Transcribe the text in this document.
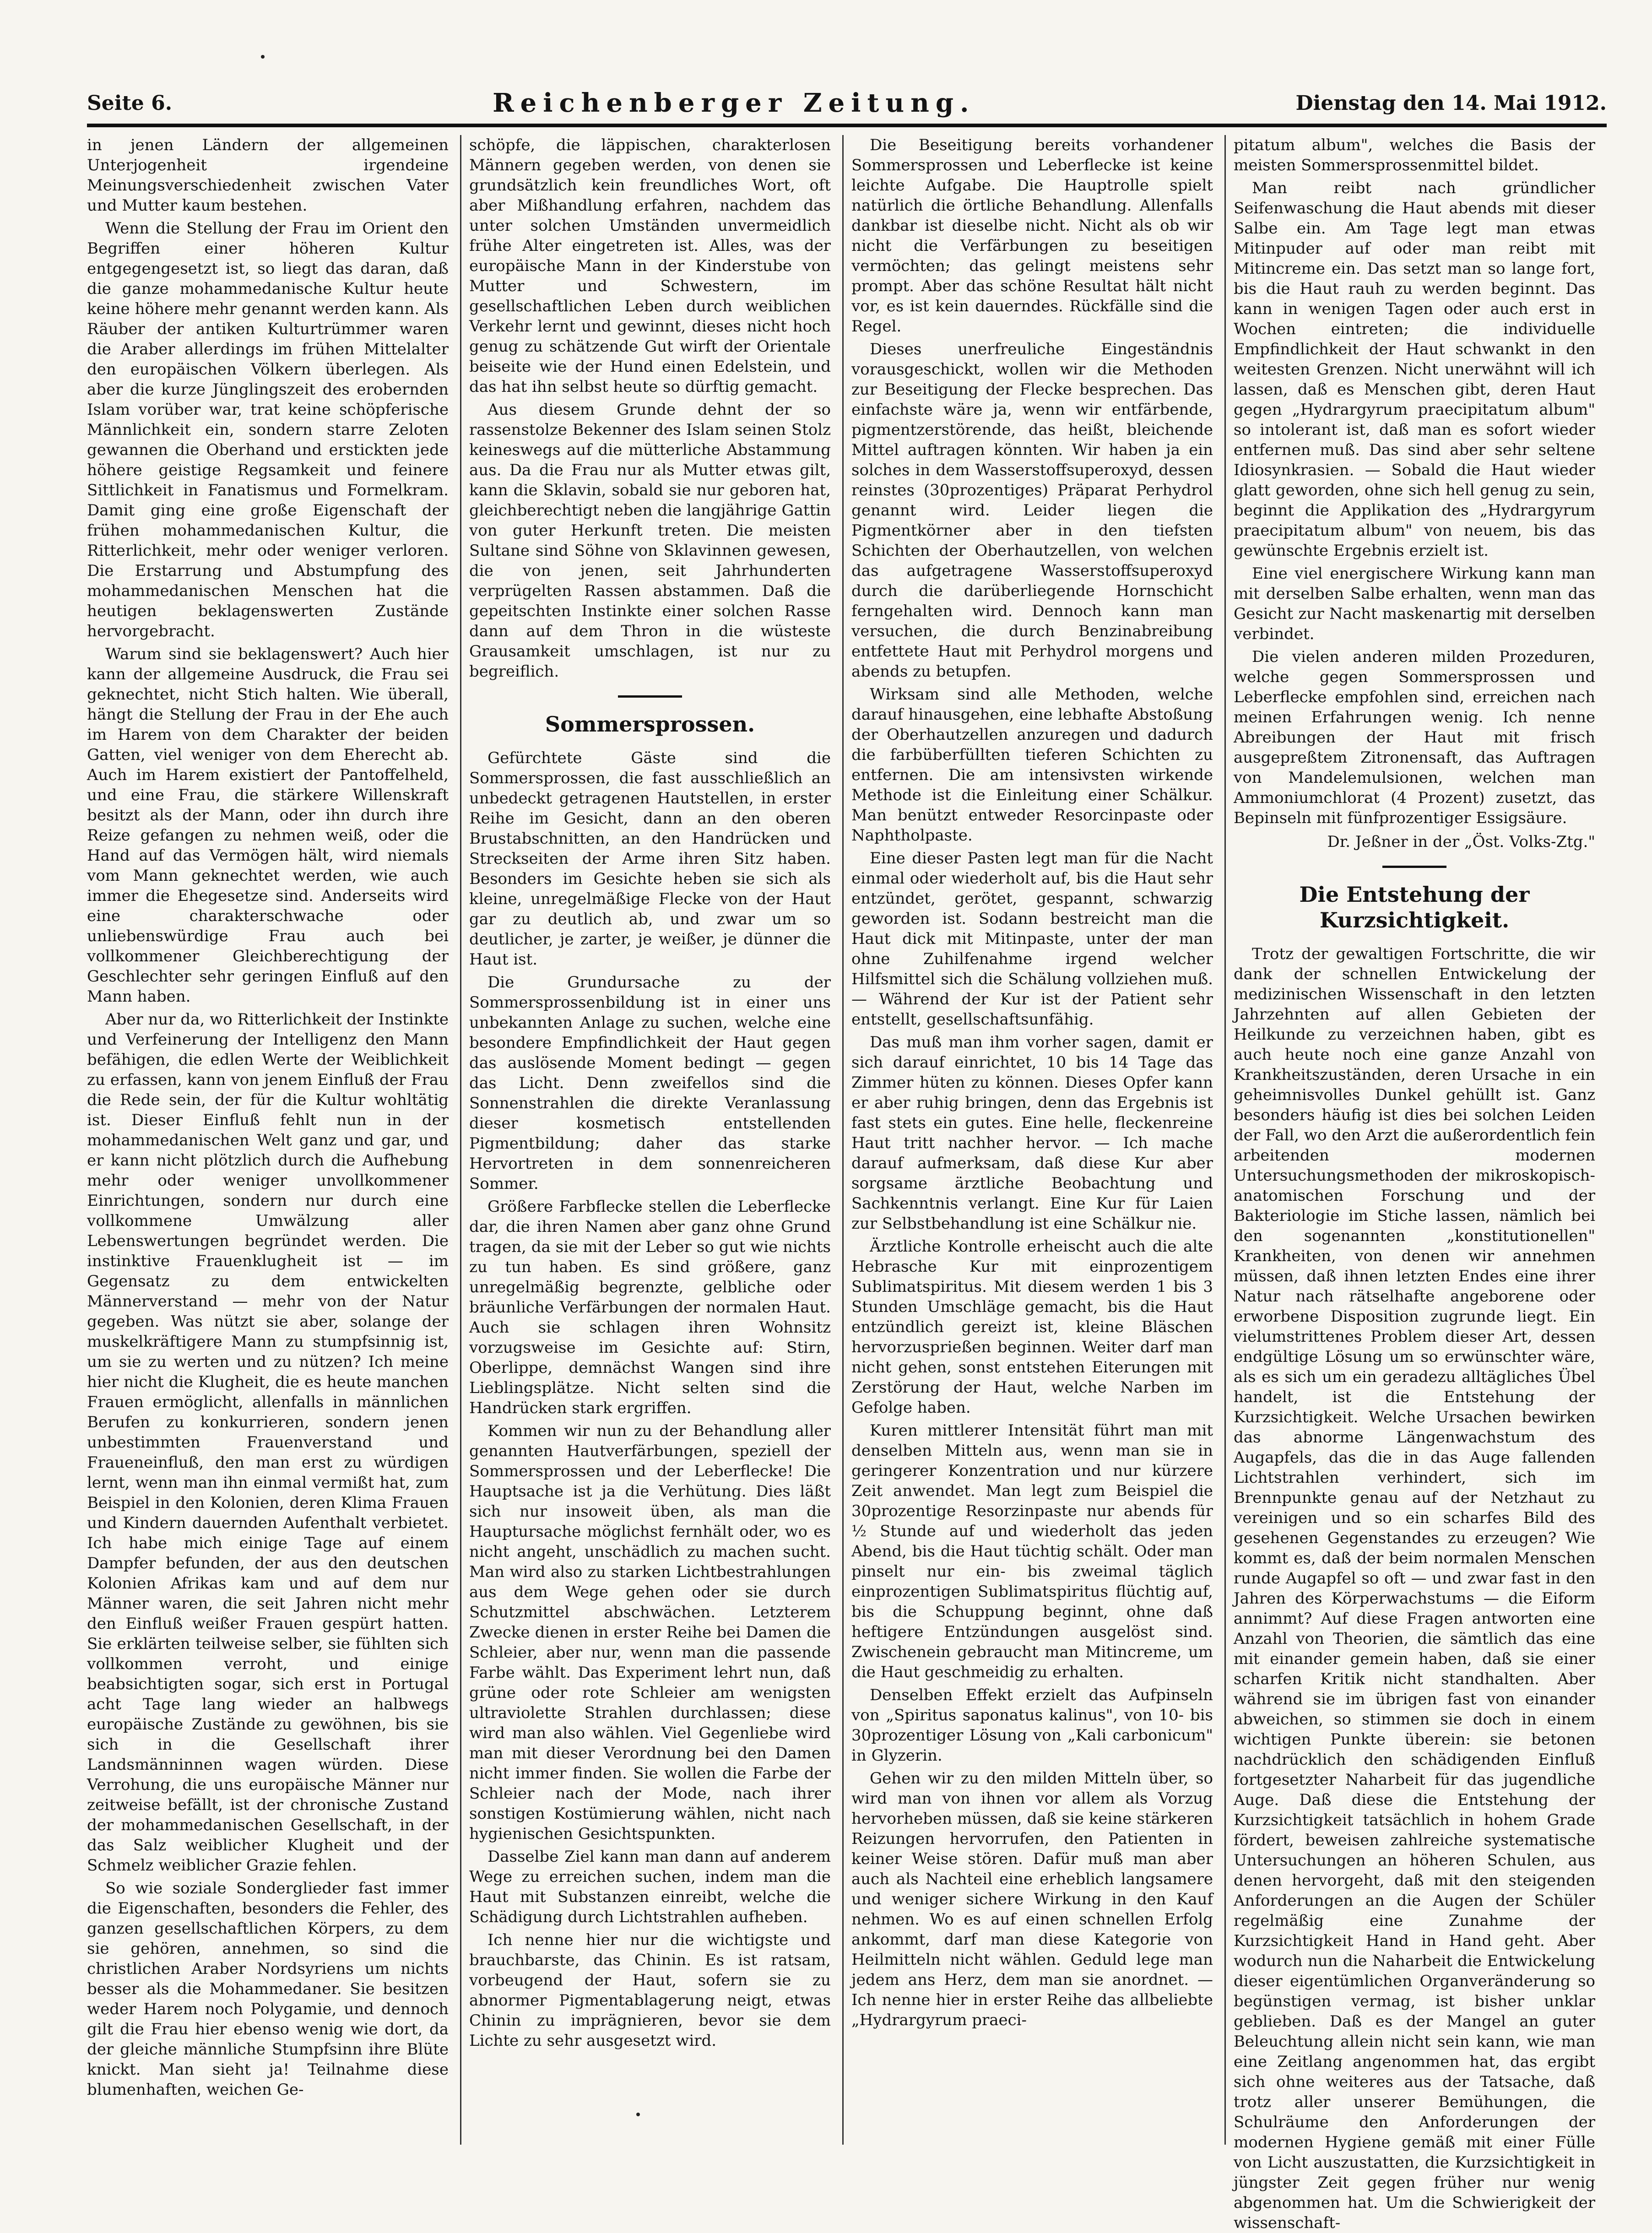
Seite 6.	Reichenberger Zeitung.	Dienstag den 14. Mai 1912.

in jenen Ländern der allgemeinen Unterjogenheit irgendeine Meinungsverschiedenheit zwischen Vater und Mutter kaum bestehen.

Wenn die Stellung der Frau im Orient den Begriffen einer höheren Kultur entgegengesetzt ist, so liegt das daran, daß die ganze mohammedanische Kultur heute keine höhere mehr genannt werden kann. Als Räuber der antiken Kulturtrümmer waren die Araber allerdings im frühen Mittelalter den europäischen Völkern überlegen. Als aber die kurze Jünglingszeit des erobernden Islam vorüber war, trat keine schöpferische Männlichkeit ein, sondern starre Zeloten gewannen die Oberhand und erstickten jede höhere geistige Regsamkeit und feinere Sittlichkeit in Fanatismus und Formelkram. Damit ging eine große Eigenschaft der frühen mohammedanischen Kultur, die Ritterlichkeit, mehr oder weniger verloren. Die Erstarrung und Abstumpfung des mohammedanischen Menschen hat die heutigen beklagenswerten Zustände hervorgebracht.

Warum sind sie beklagenswert? Auch hier kann der allgemeine Ausdruck, die Frau sei geknechtet, nicht Stich halten. Wie überall, hängt die Stellung der Frau in der Ehe auch im Harem von dem Charakter der beiden Gatten, viel weniger von dem Eherecht ab. Auch im Harem existiert der Pantoffelheld, und eine Frau, die stärkere Willenskraft besitzt als der Mann, oder ihn durch ihre Reize gefangen zu nehmen weiß, oder die Hand auf das Vermögen hält, wird niemals vom Mann geknechtet werden, wie auch immer die Ehegesetze sind. Anderseits wird eine charakterschwache oder unliebenswürdige Frau auch bei vollkommener Gleichberechtigung der Geschlechter sehr geringen Einfluß auf den Mann haben.

Aber nur da, wo Ritterlichkeit der Instinkte und Verfeinerung der Intelligenz den Mann befähigen, die edlen Werte der Weiblichkeit zu erfassen, kann von jenem Einfluß der Frau die Rede sein, der für die Kultur wohltätig ist. Dieser Einfluß fehlt nun in der mohammedanischen Welt ganz und gar, und er kann nicht plötzlich durch die Aufhebung mehr oder weniger unvollkommener Einrichtungen, sondern nur durch eine vollkommene Umwälzung aller Lebenswertungen begründet werden. Die instinktive Frauenklugheit ist — im Gegensatz zu dem entwickelten Männerverstand — mehr von der Natur gegeben. Was nützt sie aber, solange der muskelkräftigere Mann zu stumpfsinnig ist, um sie zu werten und zu nützen? Ich meine hier nicht die Klugheit, die es heute manchen Frauen ermöglicht, allenfalls in männlichen Berufen zu konkurrieren, sondern jenen unbestimmten Frauenverstand und Fraueneinfluß, den man erst zu würdigen lernt, wenn man ihn einmal vermißt hat, zum Beispiel in den Kolonien, deren Klima Frauen und Kindern dauernden Aufenthalt verbietet. Ich habe mich einige Tage auf einem Dampfer befunden, der aus den deutschen Kolonien Afrikas kam und auf dem nur Männer waren, die seit Jahren nicht mehr den Einfluß weißer Frauen gespürt hatten. Sie erklärten teilweise selber, sie fühlten sich vollkommen verroht, und einige beabsichtigten sogar, sich erst in Portugal acht Tage lang wieder an halbwegs europäische Zustände zu gewöhnen, bis sie sich in die Gesellschaft ihrer Landsmänninnen wagen würden. Diese Verrohung, die uns europäische Männer nur zeitweise befällt, ist der chronische Zustand der mohammedanischen Gesellschaft, in der das Salz weiblicher Klugheit und der Schmelz weiblicher Grazie fehlen.

So wie soziale Sonderglieder fast immer die Eigenschaften, besonders die Fehler, des ganzen gesellschaftlichen Körpers, zu dem sie gehören, annehmen, so sind die christlichen Araber Nordsyriens um nichts besser als die Mohammedaner. Sie besitzen weder Harem noch Polygamie, und dennoch gilt die Frau hier ebenso wenig wie dort, da der gleiche männliche Stumpfsinn ihre Blüte knickt. Man sieht ja! Teilnahme diese blumenhaften, weichen Ge-

schöpfe, die läppischen, charakterlosen Männern gegeben werden, von denen sie grundsätzlich kein freundliches Wort, oft aber Mißhandlung erfahren, nachdem das unter solchen Umständen unvermeidlich frühe Alter eingetreten ist. Alles, was der europäische Mann in der Kinderstube von Mutter und Schwestern, im gesellschaftlichen Leben durch weiblichen Verkehr lernt und gewinnt, dieses nicht hoch genug zu schätzende Gut wirft der Orientale beiseite wie der Hund einen Edelstein, und das hat ihn selbst heute so dürftig gemacht.

Aus diesem Grunde dehnt der so rassenstolze Bekenner des Islam seinen Stolz keineswegs auf die mütterliche Abstammung aus. Da die Frau nur als Mutter etwas gilt, kann die Sklavin, sobald sie nur geboren hat, gleichberechtigt neben die langjährige Gattin von guter Herkunft treten. Die meisten Sultane sind Söhne von Sklavinnen gewesen, die von jenen, seit Jahrhunderten verprügelten Rassen abstammen. Daß die gepeitschten Instinkte einer solchen Rasse dann auf dem Thron in die wüsteste Grausamkeit umschlagen, ist nur zu begreiflich.

Sommersprossen.

Gefürchtete Gäste sind die Sommersprossen, die fast ausschließlich an unbedeckt getragenen Hautstellen, in erster Reihe im Gesicht, dann an den oberen Brustabschnitten, an den Handrücken und Streckseiten der Arme ihren Sitz haben. Besonders im Gesichte heben sie sich als kleine, unregelmäßige Flecke von der Haut gar zu deutlich ab, und zwar um so deutlicher, je zarter, je weißer, je dünner die Haut ist.

Die Grundursache zu der Sommersprossenbildung ist in einer uns unbekannten Anlage zu suchen, welche eine besondere Empfindlichkeit der Haut gegen das auslösende Moment bedingt — gegen das Licht. Denn zweifellos sind die Sonnenstrahlen die direkte Veranlassung dieser kosmetisch entstellenden Pigmentbildung; daher das starke Hervortreten in dem sonnenreicheren Sommer.

Größere Farbflecke stellen die Leberflecke dar, die ihren Namen aber ganz ohne Grund tragen, da sie mit der Leber so gut wie nichts zu tun haben. Es sind größere, ganz unregelmäßig begrenzte, gelbliche oder bräunliche Verfärbungen der normalen Haut. Auch sie schlagen ihren Wohnsitz vorzugsweise im Gesichte auf: Stirn, Oberlippe, demnächst Wangen sind ihre Lieblingsplätze. Nicht selten sind die Handrücken stark ergriffen.

Kommen wir nun zu der Behandlung aller genannten Hautverfärbungen, speziell der Sommersprossen und der Leberflecke! Die Hauptsache ist ja die Verhütung. Dies läßt sich nur insoweit üben, als man die Hauptursache möglichst fernhält oder, wo es nicht angeht, unschädlich zu machen sucht. Man wird also zu starken Lichtbestrahlungen aus dem Wege gehen oder sie durch Schutzmittel abschwächen. Letzterem Zwecke dienen in erster Reihe bei Damen die Schleier, aber nur, wenn man die passende Farbe wählt. Das Experiment lehrt nun, daß grüne oder rote Schleier am wenigsten ultraviolette Strahlen durchlassen; diese wird man also wählen. Viel Gegenliebe wird man mit dieser Verordnung bei den Damen nicht immer finden. Sie wollen die Farbe der Schleier nach der Mode, nach ihrer sonstigen Kostümierung wählen, nicht nach hygienischen Gesichtspunkten.

Dasselbe Ziel kann man dann auf anderem Wege zu erreichen suchen, indem man die Haut mit Substanzen einreibt, welche die Schädigung durch Lichtstrahlen aufheben.

Ich nenne hier nur die wichtigste und brauchbarste, das Chinin. Es ist ratsam, vorbeugend der Haut, sofern sie zu abnormer Pigmentablagerung neigt, etwas Chinin zu imprägnieren, bevor sie dem Lichte zu sehr ausgesetzt wird.

Die Beseitigung bereits vorhandener Sommersprossen und Leberflecke ist keine leichte Aufgabe. Die Hauptrolle spielt natürlich die örtliche Behandlung. Allenfalls dankbar ist dieselbe nicht. Nicht als ob wir nicht die Verfärbungen zu beseitigen vermöchten; das gelingt meistens sehr prompt. Aber das schöne Resultat hält nicht vor, es ist kein dauerndes. Rückfälle sind die Regel.

Dieses unerfreuliche Eingeständnis vorausgeschickt, wollen wir die Methoden zur Beseitigung der Flecke besprechen. Das einfachste wäre ja, wenn wir entfärbende, pigmentzerstörende, das heißt, bleichende Mittel auftragen könnten. Wir haben ja ein solches in dem Wasserstoffsuperoxyd, dessen reinstes (30prozentiges) Präparat Perhydrol genannt wird. Leider liegen die Pigmentkörner aber in den tiefsten Schichten der Oberhautzellen, von welchen das aufgetragene Wasserstoffsuperoxyd durch die darüberliegende Hornschicht ferngehalten wird. Dennoch kann man versuchen, die durch Benzinabreibung entfettete Haut mit Perhydrol morgens und abends zu betupfen.

Wirksam sind alle Methoden, welche darauf hinausgehen, eine lebhafte Abstoßung der Oberhautzellen anzuregen und dadurch die farbüberfüllten tieferen Schichten zu entfernen. Die am intensivsten wirkende Methode ist die Einleitung einer Schälkur. Man benützt entweder Resorcinpaste oder Naphtholpaste.

Eine dieser Pasten legt man für die Nacht einmal oder wiederholt auf, bis die Haut sehr entzündet, gerötet, gespannt, schwarzig geworden ist. Sodann bestreicht man die Haut dick mit Mitinpaste, unter der man ohne Zuhilfenahme irgend welcher Hilfsmittel sich die Schälung vollziehen muß. — Während der Kur ist der Patient sehr entstellt, gesellschaftsunfähig.

Das muß man ihm vorher sagen, damit er sich darauf einrichtet, 10 bis 14 Tage das Zimmer hüten zu können. Dieses Opfer kann er aber ruhig bringen, denn das Ergebnis ist fast stets ein gutes. Eine helle, fleckenreine Haut tritt nachher hervor. — Ich mache darauf aufmerksam, daß diese Kur aber sorgsame ärztliche Beobachtung und Sachkenntnis verlangt. Eine Kur für Laien zur Selbstbehandlung ist eine Schälkur nie.

Ärztliche Kontrolle erheischt auch die alte Hebrasche Kur mit einprozentigem Sublimatspiritus. Mit diesem werden 1 bis 3 Stunden Umschläge gemacht, bis die Haut entzündlich gereizt ist, kleine Bläschen hervorzusprießen beginnen. Weiter darf man nicht gehen, sonst entstehen Eiterungen mit Zerstörung der Haut, welche Narben im Gefolge haben.

Kuren mittlerer Intensität führt man mit denselben Mitteln aus, wenn man sie in geringerer Konzentration und nur kürzere Zeit anwendet. Man legt zum Beispiel die 30prozentige Resorzinpaste nur abends für ½ Stunde auf und wiederholt das jeden Abend, bis die Haut tüchtig schält. Oder man pinselt nur ein- bis zweimal täglich einprozentigen Sublimatspiritus flüchtig auf, bis die Schuppung beginnt, ohne daß heftigere Entzündungen ausgelöst sind. Zwischenein gebraucht man Mitincreme, um die Haut geschmeidig zu erhalten.

Denselben Effekt erzielt das Aufpinseln von „Spiritus saponatus kalinus", von 10- bis 30prozentiger Lösung von „Kali carbonicum" in Glyzerin.

Gehen wir zu den milden Mitteln über, so wird man von ihnen vor allem als Vorzug hervorheben müssen, daß sie keine stärkeren Reizungen hervorrufen, den Patienten in keiner Weise stören. Dafür muß man aber auch als Nachteil eine erheblich langsamere und weniger sichere Wirkung in den Kauf nehmen. Wo es auf einen schnellen Erfolg ankommt, darf man diese Kategorie von Heilmitteln nicht wählen. Geduld lege man jedem ans Herz, dem man sie anordnet. — Ich nenne hier in erster Reihe das allbeliebte „Hydrargyrum praeci-

pitatum album", welches die Basis der meisten Sommersprossenmittel bildet.

Man reibt nach gründlicher Seifenwaschung die Haut abends mit dieser Salbe ein. Am Tage legt man etwas Mitinpuder auf oder man reibt mit Mitincreme ein. Das setzt man so lange fort, bis die Haut rauh zu werden beginnt. Das kann in wenigen Tagen oder auch erst in Wochen eintreten; die individuelle Empfindlichkeit der Haut schwankt in den weitesten Grenzen. Nicht unerwähnt will ich lassen, daß es Menschen gibt, deren Haut gegen „Hydrargyrum praecipitatum album" so intolerant ist, daß man es sofort wieder entfernen muß. Das sind aber sehr seltene Idiosynkrasien. — Sobald die Haut wieder glatt geworden, ohne sich hell genug zu sein, beginnt die Applikation des „Hydrargyrum praecipitatum album" von neuem, bis das gewünschte Ergebnis erzielt ist.

Eine viel energischere Wirkung kann man mit derselben Salbe erhalten, wenn man das Gesicht zur Nacht maskenartig mit derselben verbindet.

Die vielen anderen milden Prozeduren, welche gegen Sommersprossen und Leberflecke empfohlen sind, erreichen nach meinen Erfahrungen wenig. Ich nenne Abreibungen der Haut mit frisch ausgepreßtem Zitronensaft, das Auftragen von Mandelemulsionen, welchen man Ammoniumchlorat (4 Prozent) zusetzt, das Bepinseln mit fünfprozentiger Essigsäure.

Dr. Jeßner in der „Öst. Volks-Ztg."

Die Entstehung der Kurzsichtigkeit.

Trotz der gewaltigen Fortschritte, die wir dank der schnellen Entwickelung der medizinischen Wissenschaft in den letzten Jahrzehnten auf allen Gebieten der Heilkunde zu verzeichnen haben, gibt es auch heute noch eine ganze Anzahl von Krankheitszuständen, deren Ursache in ein geheimnisvolles Dunkel gehüllt ist. Ganz besonders häufig ist dies bei solchen Leiden der Fall, wo den Arzt die außerordentlich fein arbeitenden modernen Untersuchungsmethoden der mikroskopisch-anatomischen Forschung und der Bakteriologie im Stiche lassen, nämlich bei den sogenannten „konstitutionellen" Krankheiten, von denen wir annehmen müssen, daß ihnen letzten Endes eine ihrer Natur nach rätselhafte angeborene oder erworbene Disposition zugrunde liegt. Ein vielumstrittenes Problem dieser Art, dessen endgültige Lösung um so erwünschter wäre, als es sich um ein geradezu alltägliches Übel handelt, ist die Entstehung der Kurzsichtigkeit. Welche Ursachen bewirken das abnorme Längenwachstum des Augapfels, das die in das Auge fallenden Lichtstrahlen verhindert, sich im Brennpunkte genau auf der Netzhaut zu vereinigen und so ein scharfes Bild des gesehenen Gegenstandes zu erzeugen? Wie kommt es, daß der beim normalen Menschen runde Augapfel so oft — und zwar fast in den Jahren des Körperwachstums — die Eiform annimmt? Auf diese Fragen antworten eine Anzahl von Theorien, die sämtlich das eine mit einander gemein haben, daß sie einer scharfen Kritik nicht standhalten. Aber während sie im übrigen fast von einander abweichen, so stimmen sie doch in einem wichtigen Punkte überein: sie betonen nachdrücklich den schädigenden Einfluß fortgesetzter Naharbeit für das jugendliche Auge. Daß diese die Entstehung der Kurzsichtigkeit tatsächlich in hohem Grade fördert, beweisen zahlreiche systematische Untersuchungen an höheren Schulen, aus denen hervorgeht, daß mit den steigenden Anforderungen an die Augen der Schüler regelmäßig eine Zunahme der Kurzsichtigkeit Hand in Hand geht. Aber wodurch nun die Naharbeit die Entwickelung dieser eigentümlichen Organveränderung so begünstigen vermag, ist bisher unklar geblieben. Daß es der Mangel an guter Beleuchtung allein nicht sein kann, wie man eine Zeitlang angenommen hat, das ergibt sich ohne weiteres aus der Tatsache, daß trotz aller unserer Bemühungen, die Schulräume den Anforderungen der modernen Hygiene gemäß mit einer Fülle von Licht auszustatten, die Kurzsichtigkeit in jüngster Zeit gegen früher nur wenig abgenommen hat. Um die Schwierigkeit der wissenschaft-
